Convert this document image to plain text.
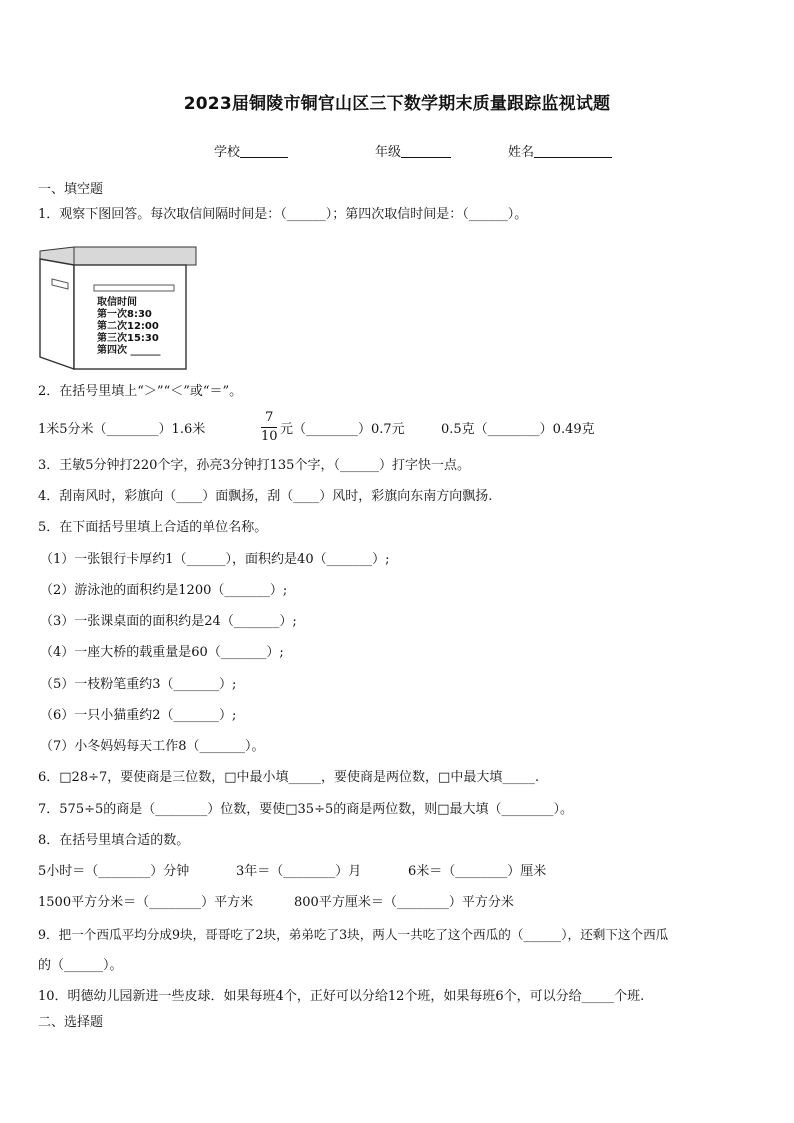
2023届铜陵市铜官山区三下数学期末质量跟踪监视试题
学校	年级	姓名
一、填空题
1．观察下图回答。每次取信间隔时间是：（______）；第四次取信时间是：（______）。
取信时间
第一次8:30
第二次12:00
第三次15:30
第四次 ______
2．在括号里填上“＞”“＜”或“＝”。
1米5分米（________）1.6米
7
10 元（________）0.7元	0.5克（________）0.49克
3．王敏5分钟打220个字，孙亮3分钟打135个字，（______）打字快一点。
4．刮南风时，彩旗向（____）面飘扬，刮（____）风时，彩旗向东南方向飘扬.
5．在下面括号里填上合适的单位名称。
（1）一张银行卡厚约1（______），面积约是40（_______）;
（2）游泳池的面积约是1200（_______）;
（3）一张课桌面的面积约是24（_______）;
（4）一座大桥的载重量是60（_______）;
（5）一枝粉笔重约3（_______）;
（6）一只小猫重约2（_______）;
（7）小冬妈妈每天工作8（_______）。
6．□28÷7，要使商是三位数，□中最小填_____，要使商是两位数，□中最大填_____.
7．575÷5的商是（________）位数，要使□35÷5的商是两位数，则□最大填（________）。
8．在括号里填合适的数。
5小时＝（________）分钟	3年＝（________）月	6米＝（________）厘米
1500平方分米＝（________）平方米	800平方厘米＝（________）平方分米
9．把一个西瓜平均分成9块，哥哥吃了2块，弟弟吃了3块，两人一共吃了这个西瓜的（______），还剩下这个西瓜
的（______）。
10．明德幼儿园新进一些皮球．如果每班4个，正好可以分给12个班，如果每班6个，可以分给_____个班.
二、选择题
